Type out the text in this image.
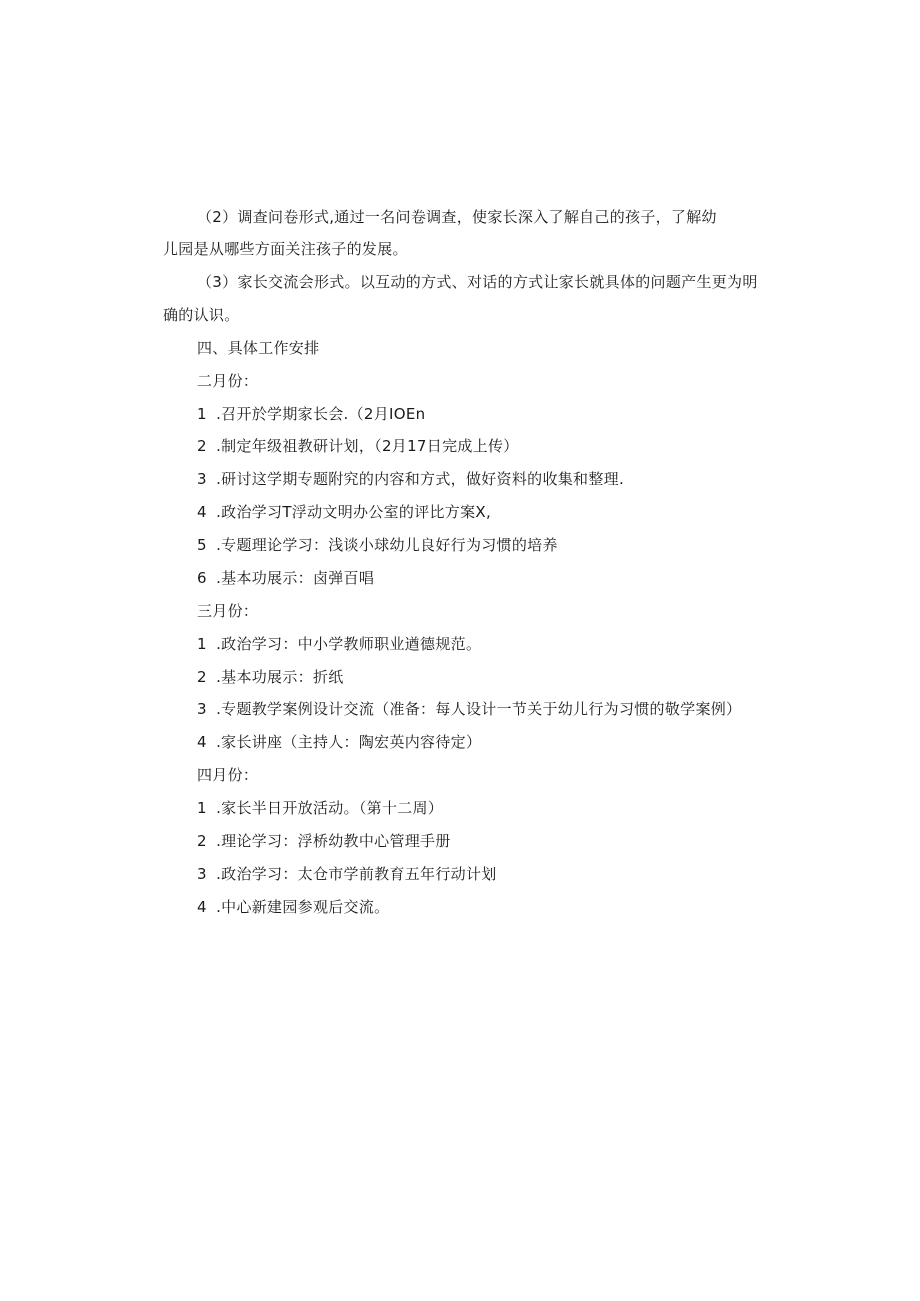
（2）调查问卷形式,通过一名问卷调查，使家长深入了解自己的孩子，了解幼
儿园是从哪些方面关注孩子的发展。
（3）家长交流会形式。以互动的方式、对话的方式让家长就具体的问题产生更为明
确的认识。
四、具体工作安排
二月份：
1 .召开於学期家长会.（2月IOEn
2 .制定年级祖教研计划，（2月17日完成上传）
3 .研讨这学期专题附究的内容和方式，做好资料的收集和整理.
4 .政治学习T浮动文明办公室的评比方案X,
5 .专题理论学习：浅谈小球幼儿良好行为习惯的培养
6 .基本功展示：卤弹百唱
三月份：
1 .政治学习：中小学教师职业遒德规范。
2 .基本功展示：折纸
3 .专题教学案例设计交流（准备：每人设计一节关于幼儿行为习惯的敬学案例）
4 .家长讲座（主持人：陶宏英内容待定）
四月份：
1 .家长半日开放活动。（第十二周）
2 .理论学习：浮桥幼教中心管理手册
3 .政治学习：太仓市学前教育五年行动计划
4 .中心新建园参观后交流。
